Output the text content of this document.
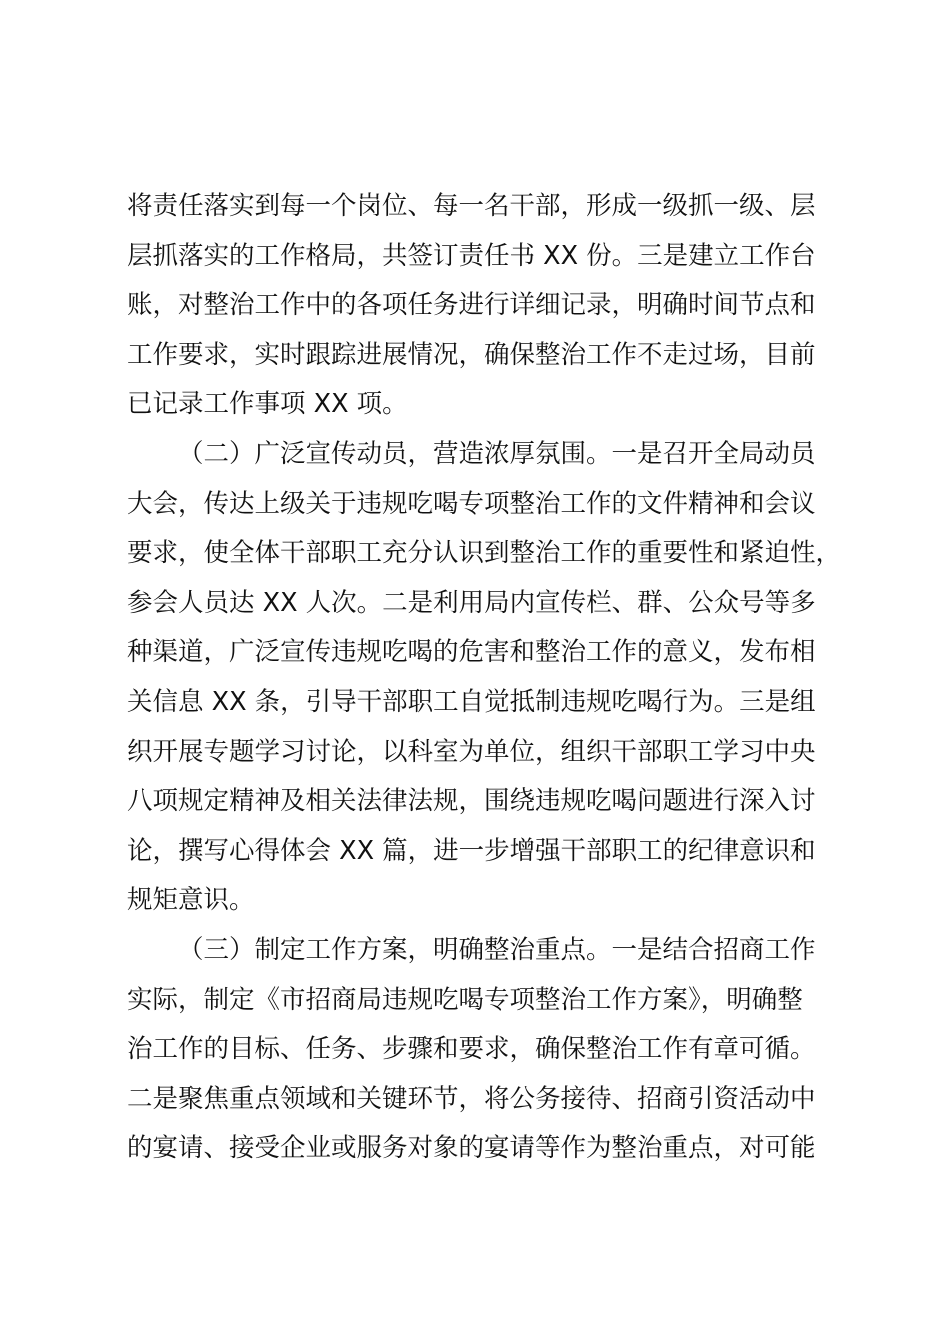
将责任落实到每一个岗位、每一名干部，形成一级抓一级、层
层抓落实的工作格局，共签订责任书 XX 份。三是建立工作台
账，对整治工作中的各项任务进行详细记录，明确时间节点和
工作要求，实时跟踪进展情况，确保整治工作不走过场，目前
已记录工作事项 XX 项。

（二）广泛宣传动员，营造浓厚氛围。一是召开全局动员
大会，传达上级关于违规吃喝专项整治工作的文件精神和会议
要求，使全体干部职工充分认识到整治工作的重要性和紧迫性，
参会人员达 XX 人次。二是利用局内宣传栏、群、公众号等多
种渠道，广泛宣传违规吃喝的危害和整治工作的意义，发布相
关信息 XX 条，引导干部职工自觉抵制违规吃喝行为。三是组
织开展专题学习讨论，以科室为单位，组织干部职工学习中央
八项规定精神及相关法律法规，围绕违规吃喝问题进行深入讨
论，撰写心得体会 XX 篇，进一步增强干部职工的纪律意识和
规矩意识。

（三）制定工作方案，明确整治重点。一是结合招商工作
实际，制定《市招商局违规吃喝专项整治工作方案》，明确整
治工作的目标、任务、步骤和要求，确保整治工作有章可循。
二是聚焦重点领域和关键环节，将公务接待、招商引资活动中
的宴请、接受企业或服务对象的宴请等作为整治重点，对可能
